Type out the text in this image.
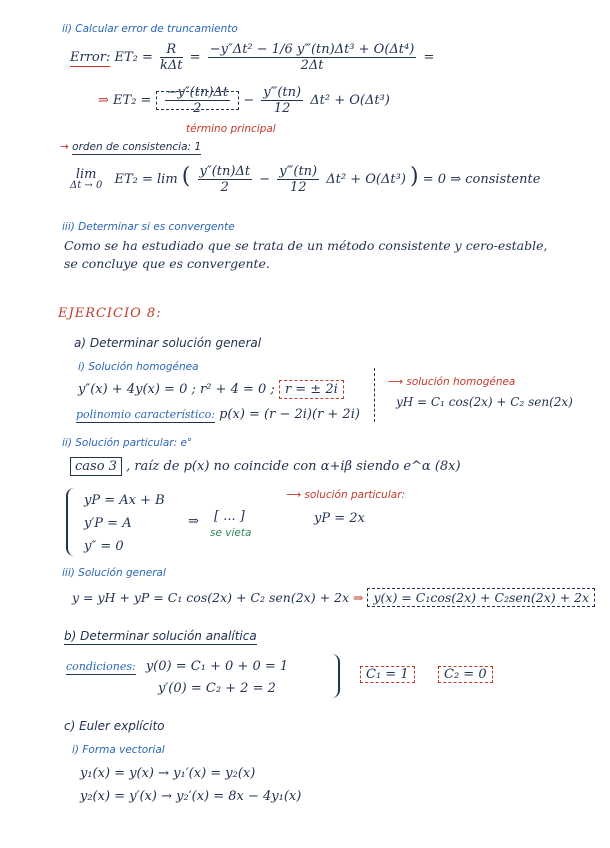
ii) Calcular error de truncamiento
Error: $ET_2 = \frac{R}{\text{kΔt}} = \frac{\text{−y″Δt² − 1/6 y‴(tn)Δt³ + O(Δt⁴)}}{2\Delta t}$ =
⇒ $ET_2 = \frac{-y''(tn)\Delta t}{2} - \frac{y‴(tn)}{12} \Delta t^2 + O(\Delta t^3)$
término principal
→ orden de consistencia: 1
lim
Δt → 0 ET₂ = lim ( $\frac{y''(tn)\Delta t}{2} - \frac{y‴(tn)}{12} \Delta t^2 + O(\Delta t^3)$ ) = 0 ⇒ consistente
iii) Determinar si es convergente
Como se ha estudiado que se trata de un método consistente y cero-estable,
se concluye que es convergente.
EJERCICIO 8:
a) Determinar solución general
i) Solución homogénea
y″(x) + 4y(x) = 0 ; r² + 4 = 0 ; r = ± 2i
polinomio característico: p(x) = (r − 2i)(r + 2i)
⟶ solución homogénea
yH = C₁ cos(2x) + C₂ sen(2x)
ii) Solución particular: e°
caso 3 , raíz de p(x) no coincide con α+iβ siendo e^α (8x)
yP = Ax + B
y′P = A
y″ = 0
⇒ [ ... ]
se vieta
⟶ solución particular:
yP = 2x
iii) Solución general
y = yH + yP = C₁ cos(2x) + C₂ sen(2x) + 2x ⇒ y(x) = C₁cos(2x) + C₂sen(2x) + 2x
b) Determinar solución analítica
condiciones: y(0) = C₁ + 0 + 0 = 1
y′(0) = C₂ + 2 = 2
C₁ = 1	C₂ = 0
c) Euler explícito
i) Forma vectorial
y₁(x) = y(x) → y₁′(x) = y₂(x)
y₂(x) = y′(x) → y₂′(x) = 8x − 4y₁(x)
